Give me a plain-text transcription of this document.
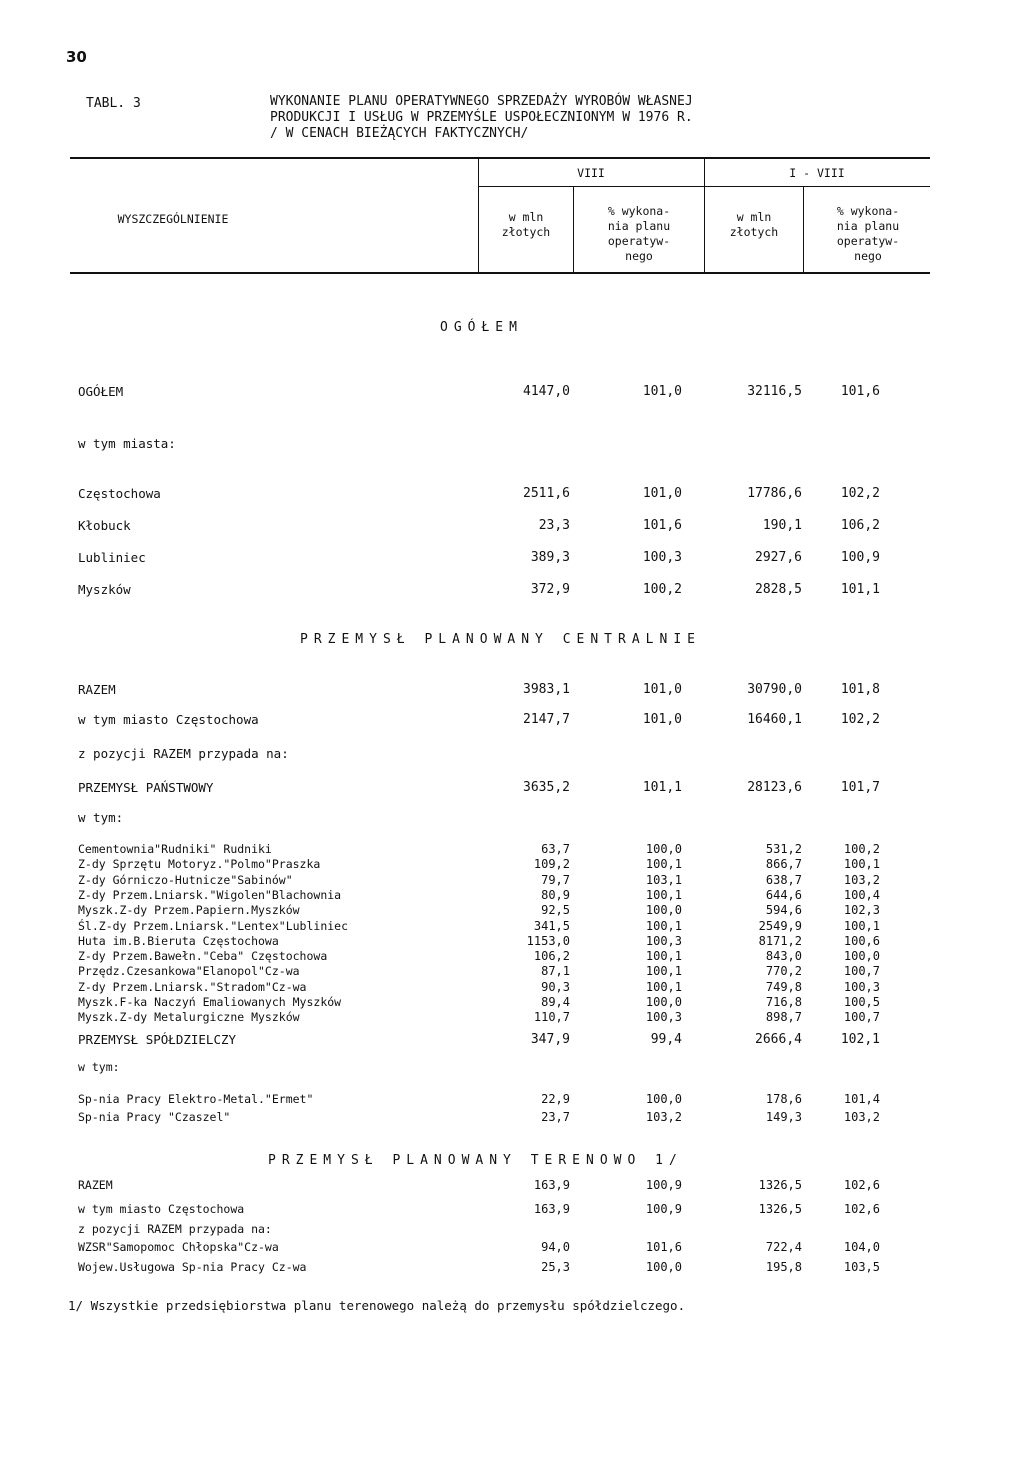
30
TABL. 3	WYKONANIE PLANU OPERATYWNEGO SPRZEDAŻY WYROBÓW WŁASNEJ
PRODUKCJI I USŁUG W PRZEMYŚLE USPOŁECZNIONYM W 1976 R.
/ W CENACH BIEŻĄCYCH FAKTYCZNYCH/
WYSZCZEGÓLNIENIE
VIII	I - VIII
w mln
złotych
% wykona-
nia planu
operatyw-
nego
w mln
złotych
% wykona-
nia planu
operatyw-
nego
OGÓŁEM
PRZEMYSŁ PLANOWANY CENTRALNIE
PRZEMYSŁ PLANOWANY TERENOWO 1/
OGÓŁEM	4147,0	101,0	32116,5	101,6
w tym miasta:
Częstochowa	2511,6	101,0	17786,6	102,2
Kłobuck	23,3	101,6	190,1	106,2
Lubliniec	389,3	100,3	2927,6	100,9
Myszków	372,9	100,2	2828,5	101,1
RAZEM	3983,1	101,0	30790,0	101,8
w tym miasto Częstochowa	2147,7	101,0	16460,1	102,2
z pozycji RAZEM przypada na:
PRZEMYSŁ PAŃSTWOWY	3635,2	101,1	28123,6	101,7
w tym:
Cementownia"Rudniki" Rudniki	63,7	100,0	531,2	100,2
Z-dy Sprzętu Motoryz."Polmo"Praszka	109,2	100,1	866,7	100,1
Z-dy Górniczo-Hutnicze"Sabinów"	79,7	103,1	638,7	103,2
Z-dy Przem.Lniarsk."Wigolen"Blachownia	80,9	100,1	644,6	100,4
Myszk.Z-dy Przem.Papiern.Myszków	92,5	100,0	594,6	102,3
Śl.Z-dy Przem.Lniarsk."Lentex"Lubliniec	341,5	100,1	2549,9	100,1
Huta im.B.Bieruta Częstochowa	1153,0	100,3	8171,2	100,6
Z-dy Przem.Bawełn."Ceba" Częstochowa	106,2	100,1	843,0	100,0
Przędz.Czesankowa"Elanopol"Cz-wa	87,1	100,1	770,2	100,7
Z-dy Przem.Lniarsk."Stradom"Cz-wa	90,3	100,1	749,8	100,3
Myszk.F-ka Naczyń Emaliowanych Myszków	89,4	100,0	716,8	100,5
Myszk.Z-dy Metalurgiczne Myszków	110,7	100,3	898,7	100,7
PRZEMYSŁ SPÓŁDZIELCZY	347,9	99,4	2666,4	102,1
w tym:
Sp-nia Pracy Elektro-Metal."Ermet"	22,9	100,0	178,6	101,4
Sp-nia Pracy "Czaszel"	23,7	103,2	149,3	103,2
RAZEM	163,9	100,9	1326,5	102,6
w tym miasto Częstochowa	163,9	100,9	1326,5	102,6
z pozycji RAZEM przypada na:
WZSR"Samopomoc Chłopska"Cz-wa	94,0	101,6	722,4	104,0
Wojew.Usługowa Sp-nia Pracy Cz-wa	25,3	100,0	195,8	103,5
1/ Wszystkie przedsiębiorstwa planu terenowego należą do przemysłu spółdzielczego.
